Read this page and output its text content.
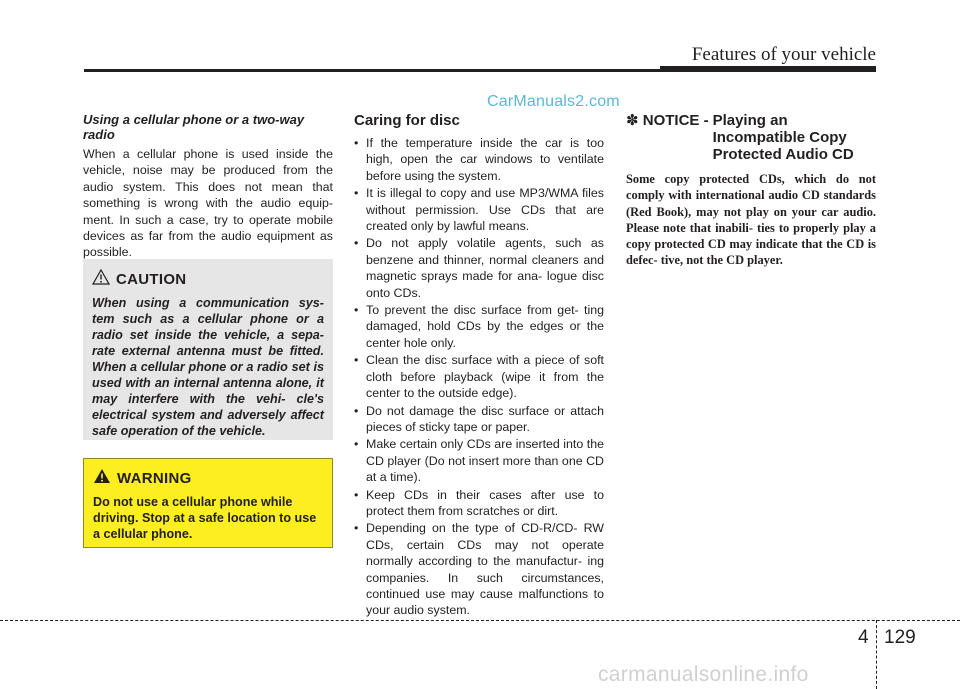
Features of your vehicle
CarManuals2.com

Using a cellular phone or a two-way radio

When a cellular phone is used inside the vehicle, noise may be produced from the audio system. This does not mean that something is wrong with the audio equip- ment. In such a case, try to operate mobile devices as far from the audio equipment as possible.

CAUTION

When using a communication sys- tem such as a cellular phone or a radio set inside the vehicle, a sepa- rate external antenna must be fitted. When a cellular phone or a radio set is used with an internal antenna alone, it may interfere with the vehi- cle's electrical system and adversely affect safe operation of the vehicle.

WARNING

Do not use a cellular phone while driving. Stop at a safe location to use a cellular phone.

Caring for disc

• If the temperature inside the car is too high, open the car windows to ventilate before using the system.
• It is illegal to copy and use MP3/WMA files without permission. Use CDs that are created only by lawful means.
• Do not apply volatile agents, such as benzene and thinner, normal cleaners and magnetic sprays made for ana- logue disc onto CDs.
• To prevent the disc surface from get- ting damaged, hold CDs by the edges or the center hole only.
• Clean the disc surface with a piece of soft cloth before playback (wipe it from the center to the outside edge).
• Do not damage the disc surface or attach pieces of sticky tape or paper.
• Make certain only CDs are inserted into the CD player (Do not insert more than one CD at a time).
• Keep CDs in their cases after use to protect them from scratches or dirt.
• Depending on the type of CD-R/CD- RW CDs, certain CDs may not operate normally according to the manufactur- ing companies. In such circumstances, continued use may cause malfunctions to your audio system.
✽ NOTICE - Playing an
Incompatible Copy
Protected Audio CD

Some copy protected CDs, which do not comply with international audio CD standards (Red Book), may not play on your car audio. Please note that inabili- ties to properly play a copy protected CD may indicate that the CD is defec- tive, not the CD player.

4 129
carmanualsonline.info
